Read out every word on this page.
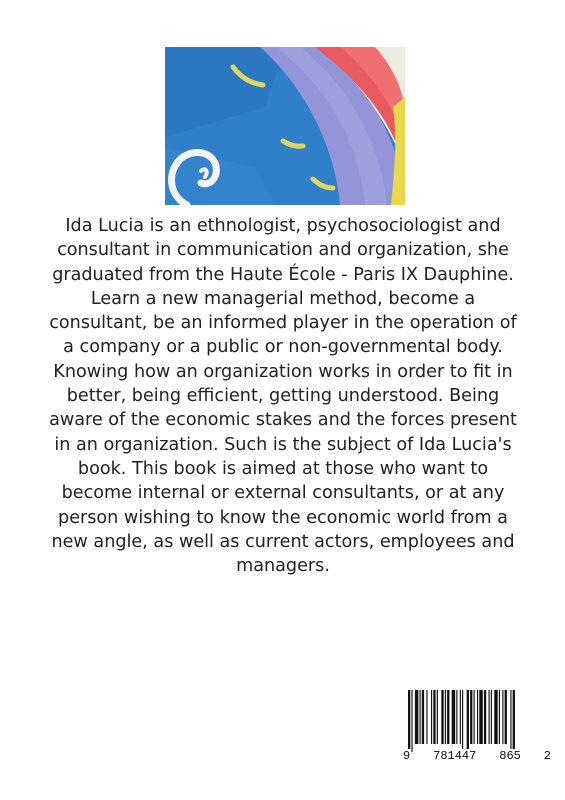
Ida Lucia is an ethnologist, psychosociologist and consultant in communication and organization, she graduated from the Haute École - Paris IX Dauphine. Learn a new managerial method, become a consultant, be an informed player in the operation of a company or a public or non-governmental body. Knowing how an organization works in order to fit in better, being efficient, getting understood. Being aware of the economic stakes and the forces present in an organization. Such is the subject of Ida Lucia's book. This book is aimed at those who want to become internal or external consultants, or at any person wishing to know the economic world from a new angle, as well as current actors, employees and managers.

9 781447 865 2
